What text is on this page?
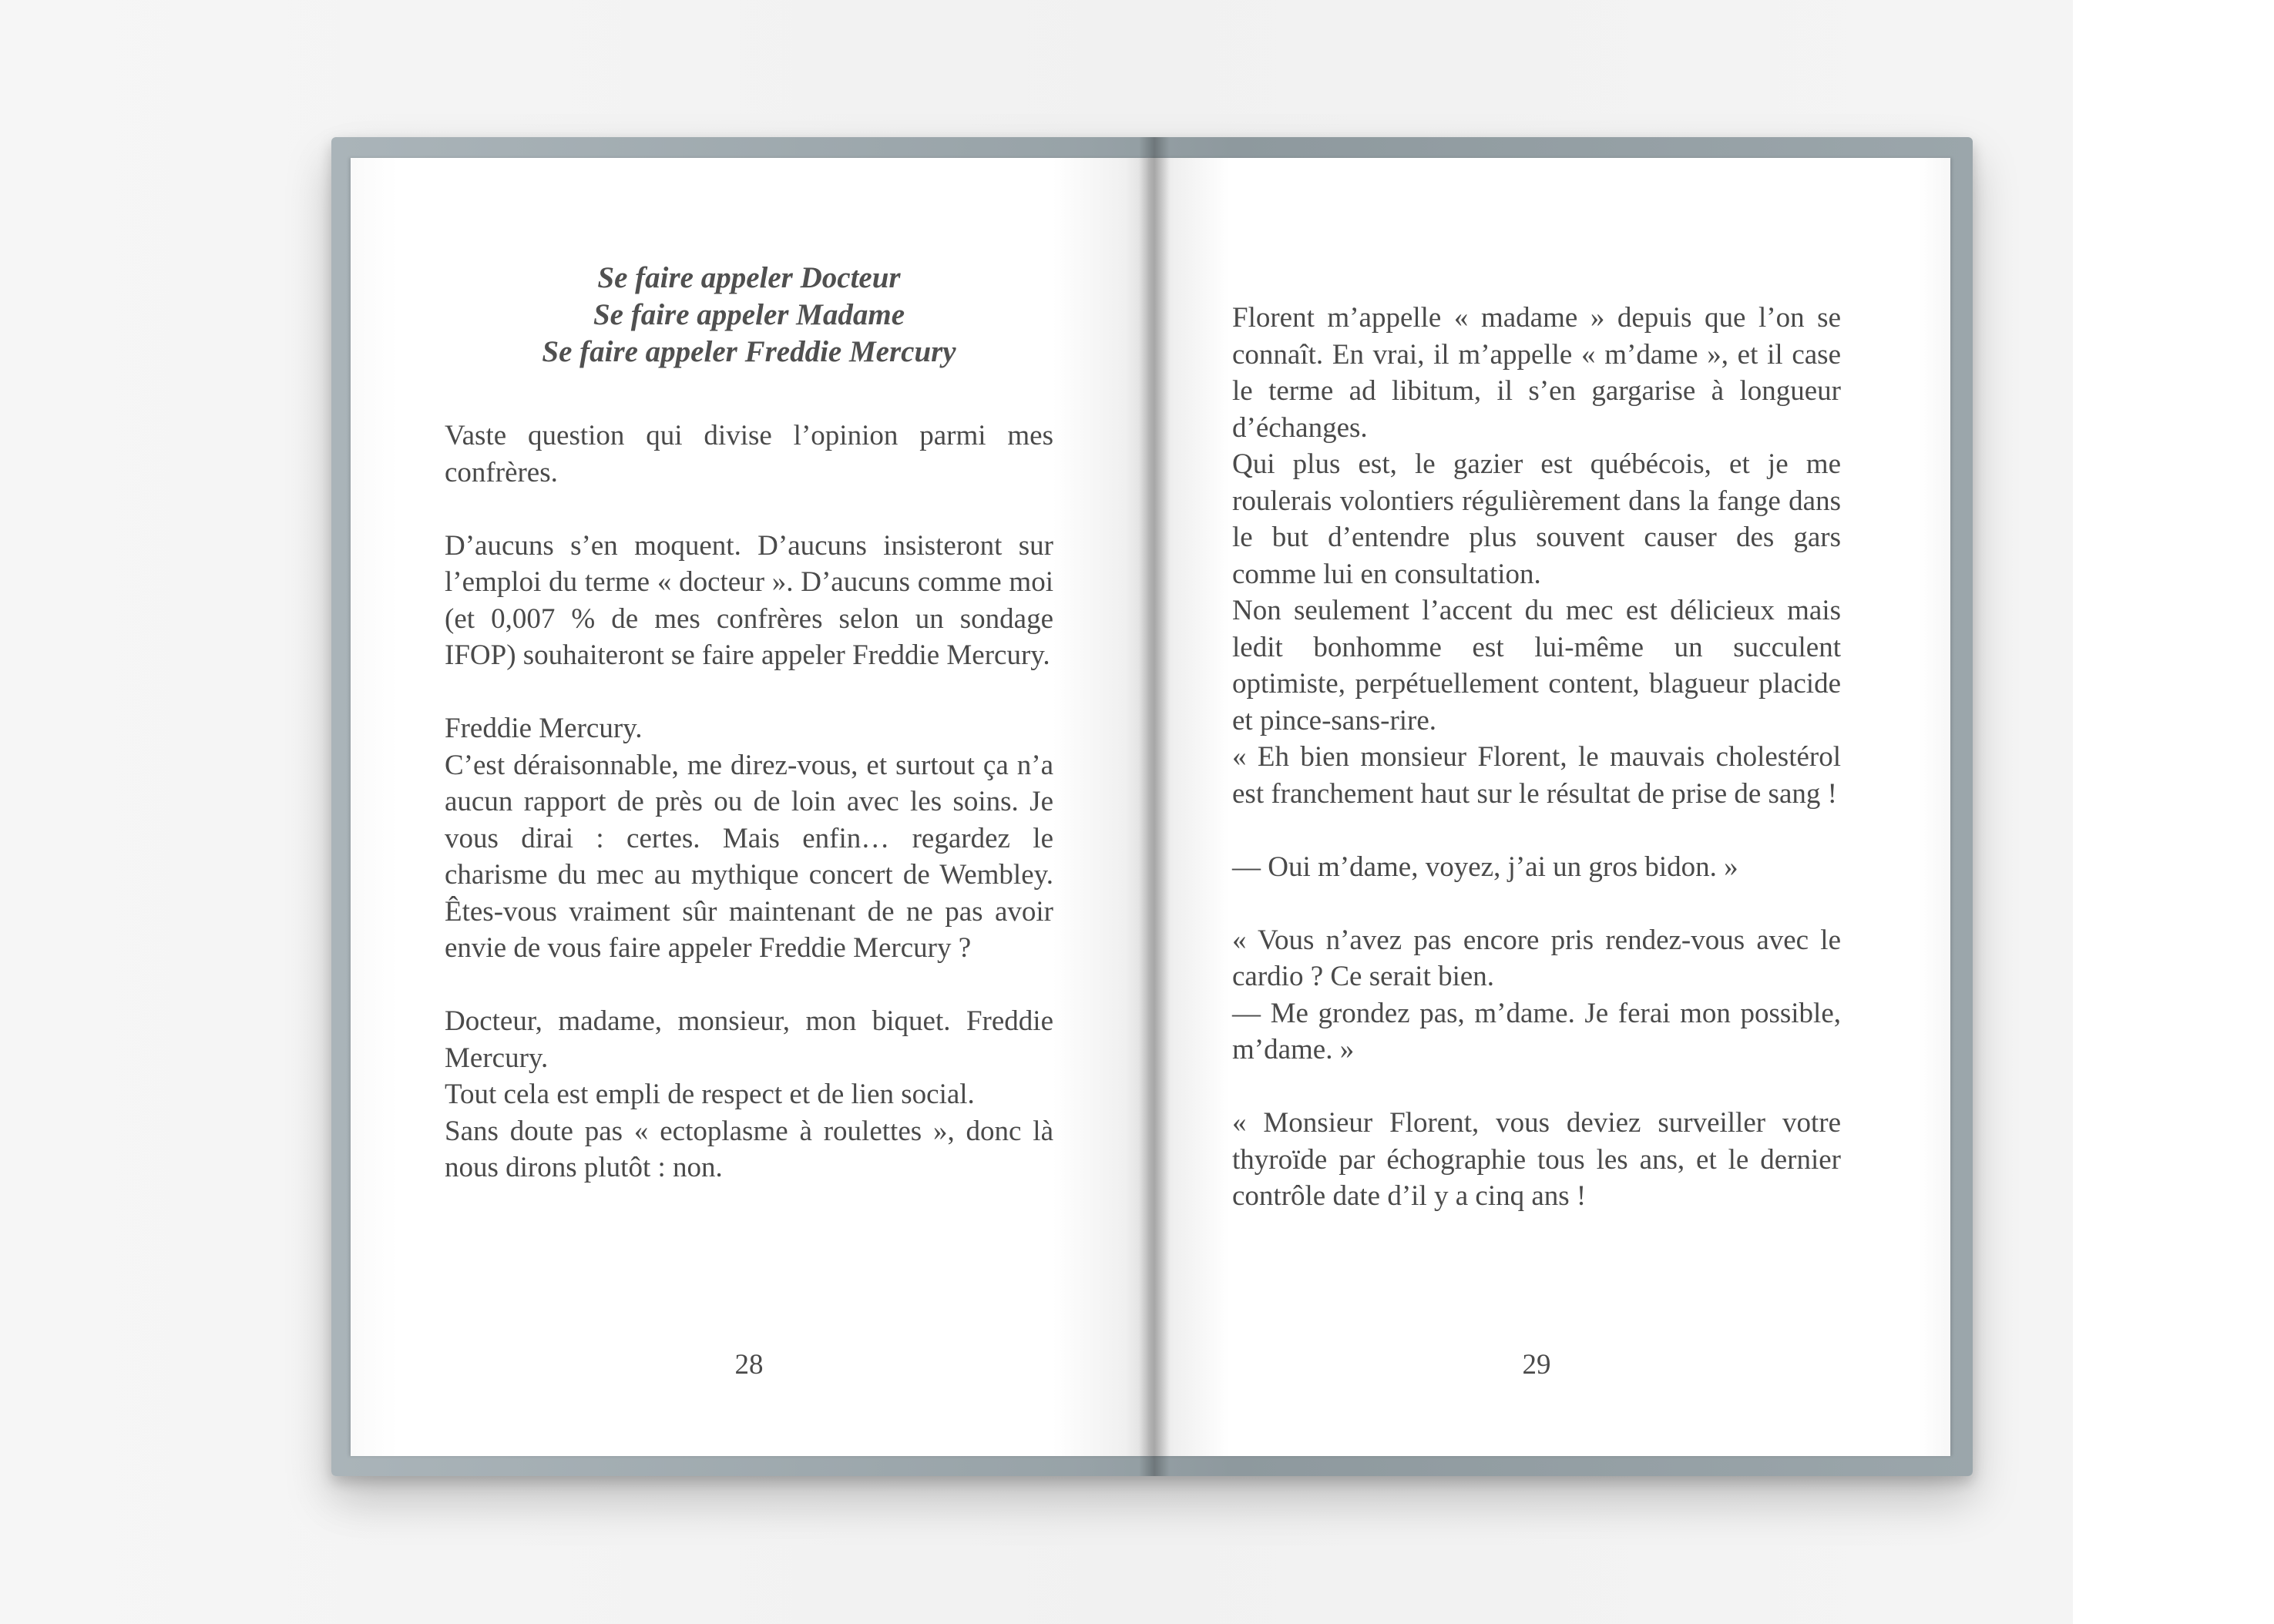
Se faire appeler Docteur
Se faire appeler Madame
Se faire appeler Freddie Mercury

Vaste question qui divise l’opinion parmi mes confrères.

D’aucuns s’en moquent. D’aucuns insisteront sur l’emploi du terme « docteur ». D’aucuns comme moi (et 0,007 % de mes confrères selon un sondage IFOP) souhaiteront se faire appeler Freddie Mercury.

Freddie Mercury.

C’est déraisonnable, me direz-vous, et surtout ça n’a aucun rapport de près ou de loin avec les soins. Je vous dirai : certes. Mais enfin… regardez le charisme du mec au mythique concert de Wembley. Êtes-vous vraiment sûr maintenant de ne pas avoir envie de vous faire appeler Freddie Mercury ?

Docteur, madame, monsieur, mon biquet. Freddie Mercury.

Tout cela est empli de respect et de lien social.

Sans doute pas « ectoplasme à roulettes », donc là nous dirons plutôt : non.

28

Florent m’appelle « madame » depuis que l’on se connaît. En vrai, il m’appelle « m’dame », et il case le terme ad libitum, il s’en gargarise à longueur d’échanges.

Qui plus est, le gazier est québécois, et je me roulerais volontiers régulièrement dans la fange dans le but d’entendre plus souvent causer des gars comme lui en consultation.

Non seulement l’accent du mec est délicieux mais ledit bonhomme est lui-même un succulent optimiste, perpétuellement content, blagueur placide et pince-sans-rire.

« Eh bien monsieur Florent, le mauvais cholestérol est franchement haut sur le résultat de prise de sang !

— Oui m’dame, voyez, j’ai un gros bidon. »

« Vous n’avez pas encore pris rendez-vous avec le cardio ? Ce serait bien.

— Me grondez pas, m’dame. Je ferai mon possible, m’dame. »

« Monsieur Florent, vous deviez surveiller votre thyroïde par échographie tous les ans, et le dernier contrôle date d’il y a cinq ans !

29
